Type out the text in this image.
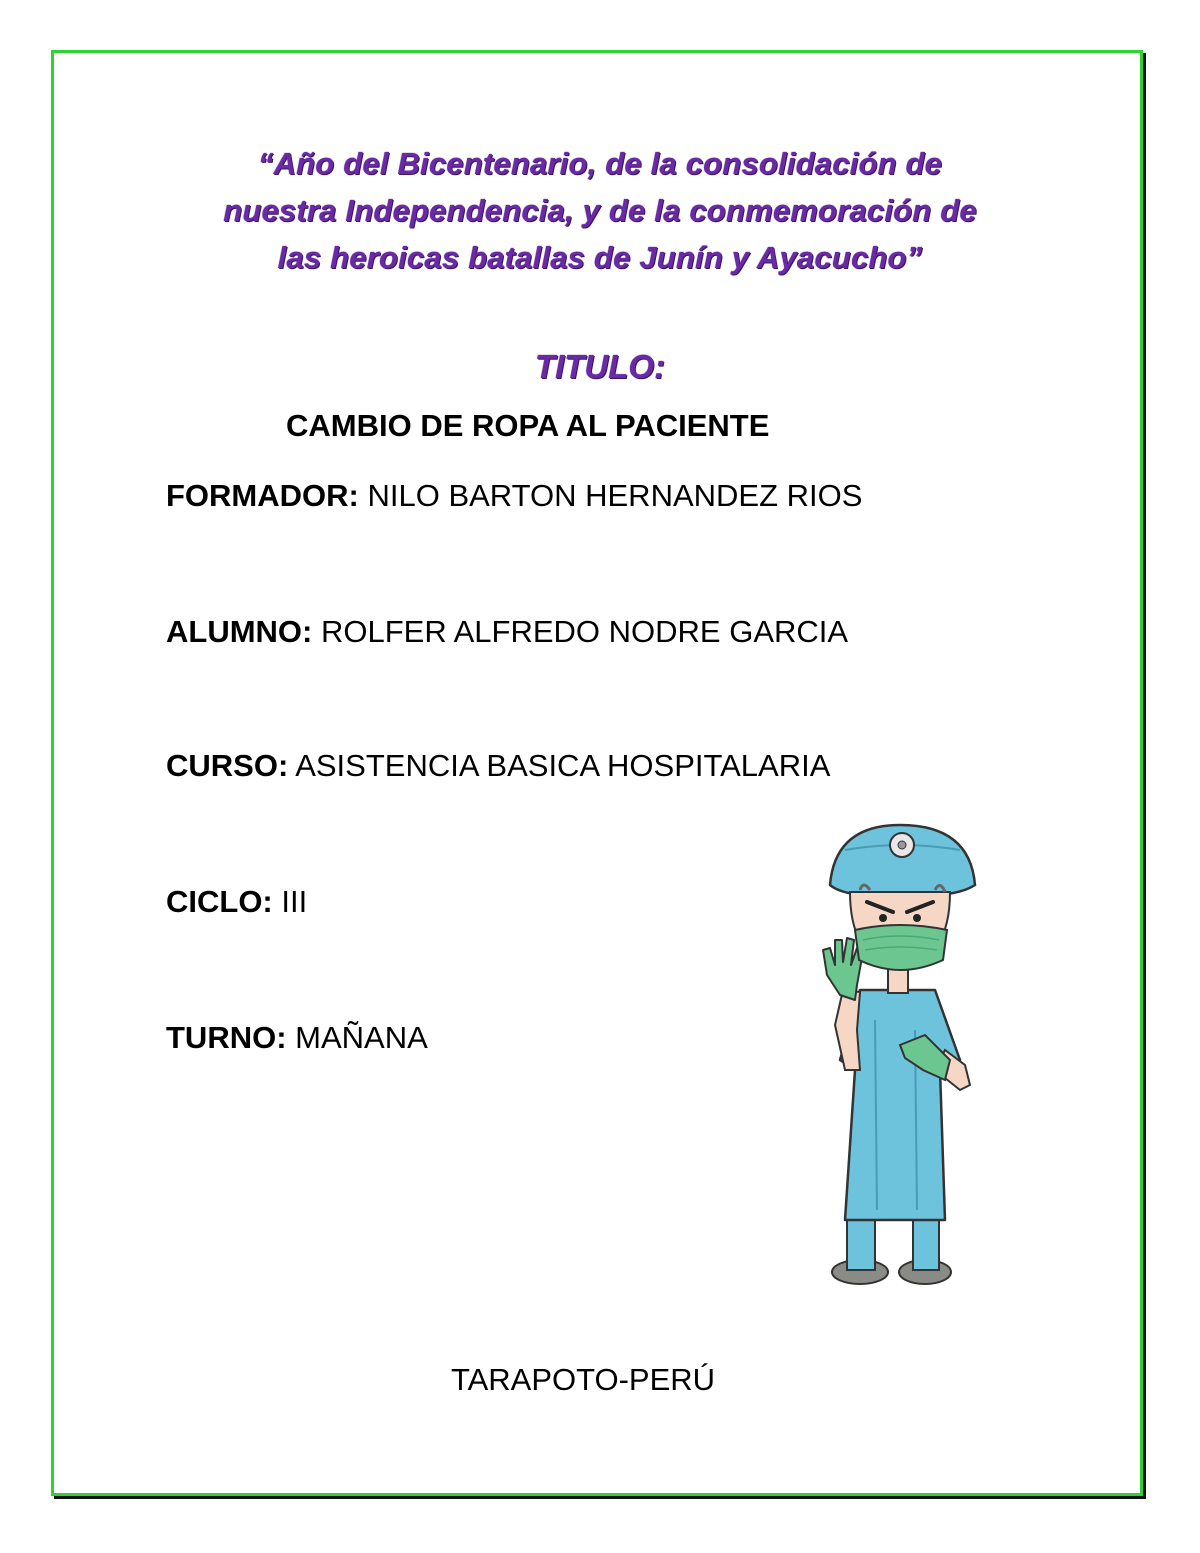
“Año del Bicentenario, de la consolidación de
nuestra Independencia, y de la conmemoración de
las heroicas batallas de Junín y Ayacucho”
TITULO:
CAMBIO DE ROPA AL PACIENTE
FORMADOR: NILO BARTON HERNANDEZ RIOS
ALUMNO: ROLFER ALFREDO NODRE GARCIA
CURSO: ASISTENCIA BASICA HOSPITALARIA
CICLO: III
TURNO: MAÑANA
TARAPOTO-PERÚ
